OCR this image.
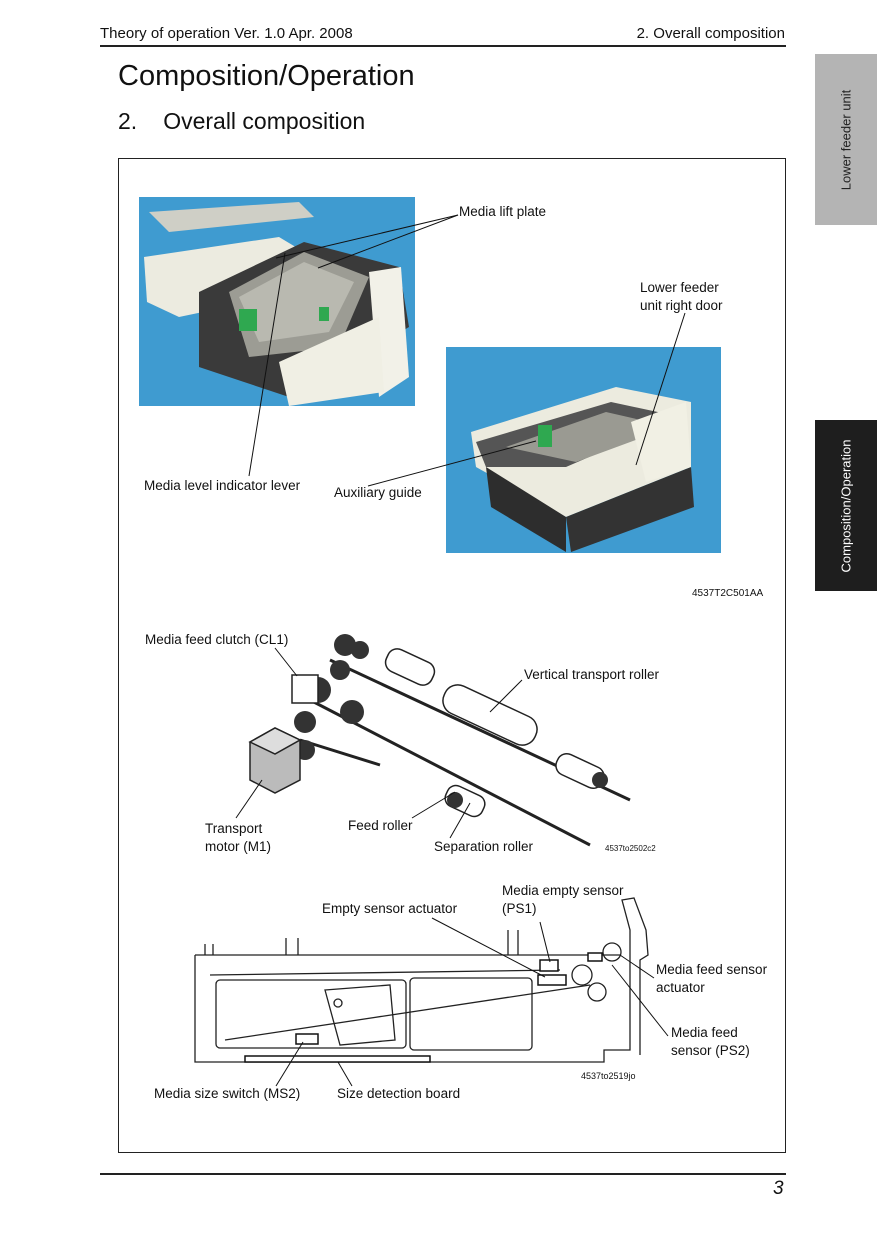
Theory of operation Ver. 1.0 Apr. 2008	2. Overall composition
Composition/Operation
2. Overall composition	Lower feeder unit
Composition/Operation
Media lift plate
Lower feeder
unit right door
Media level indicator lever	Auxiliary guide
4537T2C501AA
Media feed clutch (CL1)
Vertical transport roller
Transport
motor (M1)
Feed roller
Separation roller	4537to2502c2
Media empty sensor
(PS1)
Empty sensor actuator
Media feed sensor
actuator
Media feed
sensor (PS2)
Media size switch (MS2)	Size detection board
4537to2519jo
3
